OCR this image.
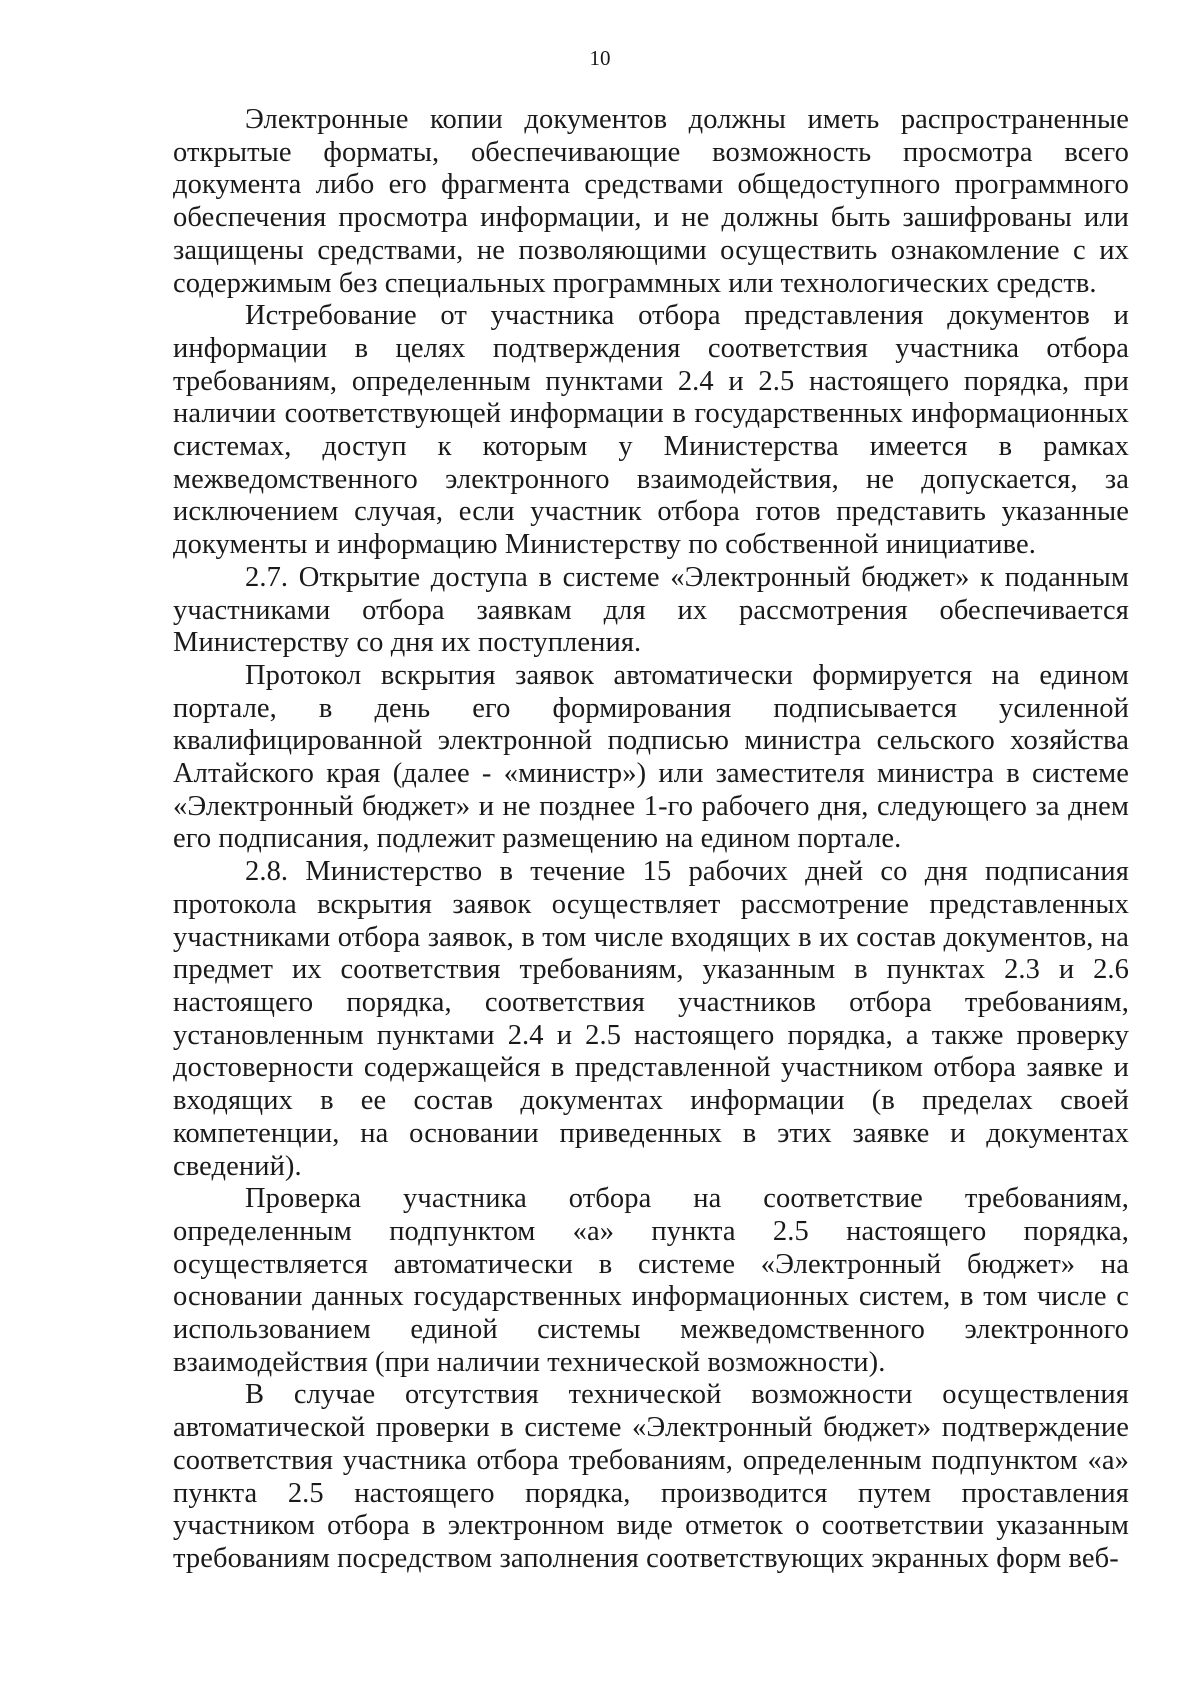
10

Электронные копии документов должны иметь распространенные открытые форматы, обеспечивающие возможность просмотра всего документа либо его фрагмента средствами общедоступного программного обеспечения просмотра информации, и не должны быть зашифрованы или защищены средствами, не позволяющими осуществить ознакомление с их содержимым без специальных программных или технологических средств.

Истребование от участника отбора представления документов и информации в целях подтверждения соответствия участника отбора требованиям, определенным пунктами 2.4 и 2.5 настоящего порядка, при наличии соответствующей информации в государственных информационных системах, доступ к которым у Министерства имеется в рамках межведомственного электронного взаимодействия, не допускается, за исключением случая, если участник отбора готов представить указанные документы и информацию Министерству по собственной инициативе.

2.7. Открытие доступа в системе «Электронный бюджет» к поданным участниками отбора заявкам для их рассмотрения обеспечивается Министерству со дня их поступления.

Протокол вскрытия заявок автоматически формируется на едином портале, в день его формирования подписывается усиленной квалифицированной электронной подписью министра сельского хозяйства Алтайского края (далее - «министр») или заместителя министра в системе «Электронный бюджет» и не позднее 1-го рабочего дня, следующего за днем его подписания, подлежит размещению на едином портале.

2.8. Министерство в течение 15 рабочих дней со дня подписания протокола вскрытия заявок осуществляет рассмотрение представленных участниками отбора заявок, в том числе входящих в их состав документов, на предмет их соответствия требованиям, указанным в пунктах 2.3 и 2.6 настоящего порядка, соответствия участников отбора требованиям, установленным пунктами 2.4 и 2.5 настоящего порядка, а также проверку достоверности содержащейся в представленной участником отбора заявке и входящих в ее состав документах информации (в пределах своей компетенции, на основании приведенных в этих заявке и документах сведений).

Проверка участника отбора на соответствие требованиям, определенным подпунктом «а» пункта 2.5 настоящего порядка, осуществляется автоматически в системе «Электронный бюджет» на основании данных государственных информационных систем, в том числе с использованием единой системы межведомственного электронного взаимодействия (при наличии технической возможности).

В случае отсутствия технической возможности осуществления автоматической проверки в системе «Электронный бюджет» подтверждение соответствия участника отбора требованиям, определенным подпунктом «а» пункта 2.5 настоящего порядка, производится путем проставления участником отбора в электронном виде отметок о соответствии указанным требованиям посредством заполнения соответствующих экранных форм веб-
